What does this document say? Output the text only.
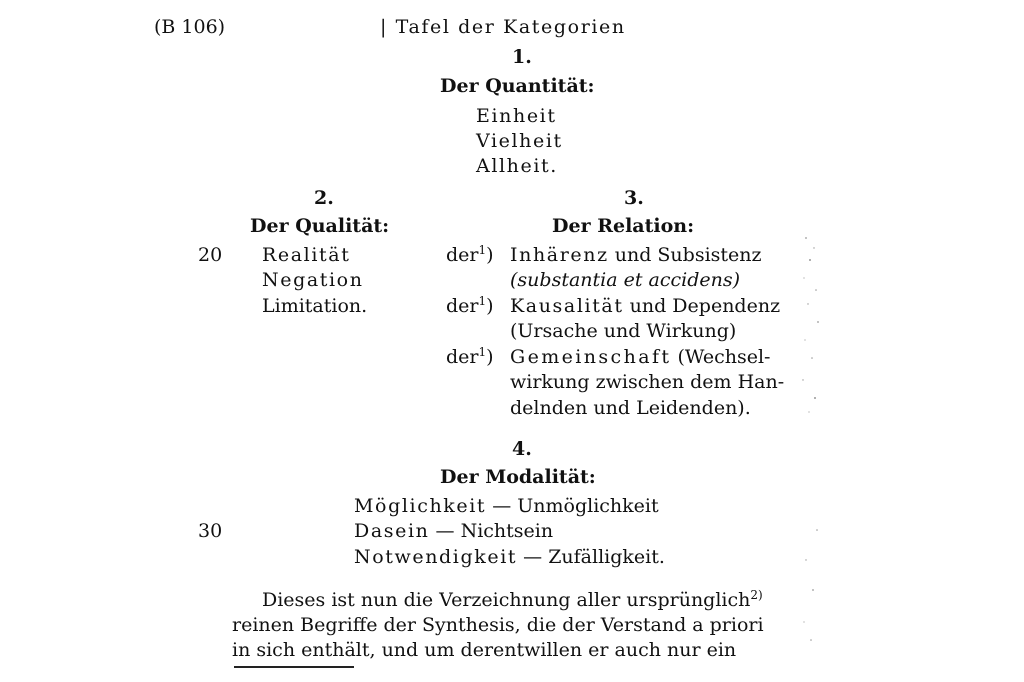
(B 106)	| Tafel der Kategorien
1.
Der Quantität:
Einheit
Vielheit
Allheit.
2.
Der Qualität:
20 Realität
Negation
Limitation.
3.
Der Relation:
der$^1$) Inhärenz und Subsistenz
(substantia et accidens)
der$^1$) Kausalität und Dependenz
(Ursache und Wirkung)
der$^1$) Gemeinschaft (Wechsel-
wirkung zwischen dem Han-
delnden und Leidenden).
4.
Der Modalität:
Möglichkeit — Unmöglichkeit
30	Dasein — Nichtsein
Notwendigkeit — Zufälligkeit.
Dieses ist nun die Verzeichnung aller ursprünglich$^{2)}$
reinen Begriffe der Synthesis, die der Verstand a priori
in sich enthält, und um derentwillen er auch nur ein
